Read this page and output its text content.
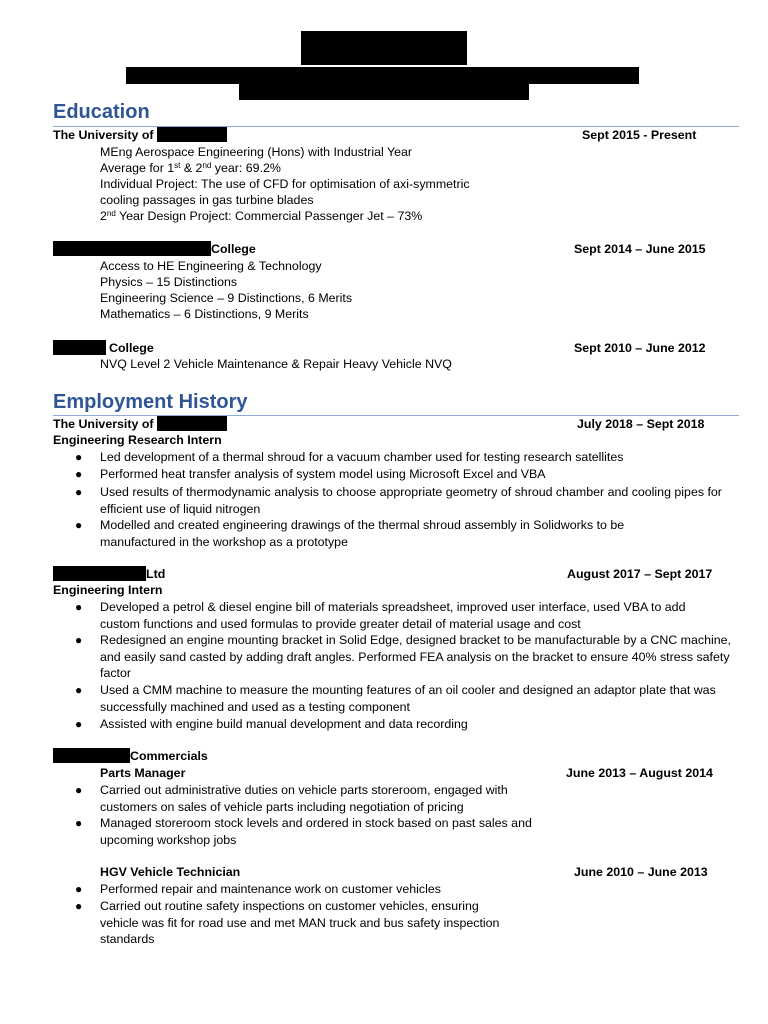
Education
The University of	Sept 2015 - Present
MEng Aerospace Engineering (Hons) with Industrial Year
Average for 1st & 2nd year: 69.2%
Individual Project: The use of CFD for optimisation of axi-symmetric
cooling passages in gas turbine blades
2nd Year Design Project: Commercial Passenger Jet – 73%
College	Sept 2014 – June 2015
Access to HE Engineering & Technology
Physics – 15 Distinctions
Engineering Science – 9 Distinctions, 6 Merits
Mathematics – 6 Distinctions, 9 Merits
College	Sept 2010 – June 2012
NVQ Level 2 Vehicle Maintenance & Repair Heavy Vehicle NVQ
Employment History
The University of	July 2018 – Sept 2018
Engineering Research Intern
● Led development of a thermal shroud for a vacuum chamber used for testing research satellites
● Performed heat transfer analysis of system model using Microsoft Excel and VBA
● Used results of thermodynamic analysis to choose appropriate geometry of shroud chamber and cooling pipes for efficient use of liquid nitrogen
● Modelled and created engineering drawings of the thermal shroud assembly in Solidworks to be manufactured in the workshop as a prototype
Ltd	August 2017 – Sept 2017
Engineering Intern
● Developed a petrol & diesel engine bill of materials spreadsheet, improved user interface, used VBA to add custom functions and used formulas to provide greater detail of material usage and cost
● Redesigned an engine mounting bracket in Solid Edge, designed bracket to be manufacturable by a CNC machine, and easily sand casted by adding draft angles. Performed FEA analysis on the bracket to ensure 40% stress safety factor
● Used a CMM machine to measure the mounting features of an oil cooler and designed an adaptor plate that was successfully machined and used as a testing component
● Assisted with engine build manual development and data recording
Commercials
Parts Manager	June 2013 – August 2014
● Carried out administrative duties on vehicle parts storeroom, engaged with customers on sales of vehicle parts including negotiation of pricing
● Managed storeroom stock levels and ordered in stock based on past sales and upcoming workshop jobs
HGV Vehicle Technician	June 2010 – June 2013
● Performed repair and maintenance work on customer vehicles
● Carried out routine safety inspections on customer vehicles, ensuring vehicle was fit for road use and met MAN truck and bus safety inspection standards
